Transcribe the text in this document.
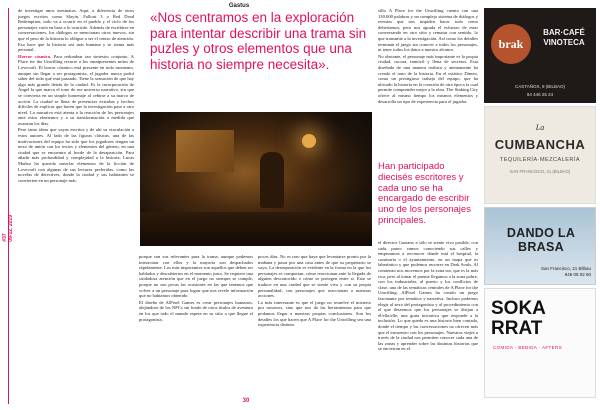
Gastus
#37 09-12, 2019

de investigar unos asesinatos. Aquí, a diferencia de otros juegos escritos como Slayin, Fallout 3 o Red Dead Redemption, todo va a ocurrir en el pueblo y el ciclo de los personajes varía en base a lo ocurrido. Además de escribirse en conversaciones, los diálogos se mencionan otros nuevos, sin que el peso de la historia lo obligue a ser el centro de atención. Eso hace que la historia sea más humana y se sienta más personal.

Horror cósmico. Para redondear tan siniestro conjunto, A Place for the Unwilling recurre a los omnipresentes mitos de Lovecraft. El horror cósmico está presente en todo momento, aunque sin llegar a ser protagonista, el jugador nunca podrá saber del todo qué está pasando. Tiene la sensación de que hay algo más grande detrás de la ciudad. Es la incorporación de Ángel la que marca el tono de ese universo narrativo, sin que se convierta en un simple homenaje al ceñirse a su marco de acción. La ciudad se llena de presencias extrañas y hechos difíciles de explicar que hacen que la investigación pase a otro nivel. La narrativa está atenta a la reacción de los personajes ante estos elementos y a su transformación a medida que avanzan los días.

Pese tanto ideas que vayas escritos y de ahí su vinculación a estos autores. Al lado de las figuras clásicas, una de las motivaciones del equipo ha sido que los jugadores tengan un nexo de unión con los textos y elementos del género, en una ciudad que se encuentra al borde de la desaparición. Para añadir más profundidad y complejidad a la historia, Lucas Muñoz ha querido mezclar elementos de la ficción de Lovecraft con algunas de sus lecturas preferidas, como las novelas de detectives, donde la ciudad y sus habitantes se convierten en un personaje más.

«Nos centramos en la exploración para intentar describir una trama sin puzles y otros elementos que una historia no siempre necesita».

porque son sus relevantes para la trama, aunque podemos interactuar con ellos y la mayoría son despachados rápidamente. Los más importantes son aquellos que deben ser hablados y descubiertos en el momento justo. Se requiere una cuidadosa atención que en el juego no siempre se cumple, porque no son pocas las ocasiones en las que tenemos que volver a un personaje para lograr que nos revele información que no habíamos obtenido.

El diseño de AlPixel Games es crear personajes humanos, alejándose de los NPCs sin fondo de otros títulos de aventura en los que todo el mundo espera en su sitio a que llegue el protagonista.

pocos días. No es raro que haya que levantarse pronto por la mañana y pasar por una casa antes de que su propietario se vaya. La desesperación es evidente en la forma en la que los personajes se comportan, cómo reaccionan ante la llegada de alguien desconocido o cómo se protegen entre sí. Esto se traduce en una ciudad que se siente viva y con su propia personalidad, con personajes que reaccionan a nuestras acciones.

Lo más interesante es que el juego no resuelve el misterio por nosotros, sino que nos da las herramientas para que podamos llegar a nuestras propias conclusiones. Son los detalles los que hacen que A Place for the Unwilling sea una experiencia distinta.

sillo A Place for the Unwilling cuenta con una 130.000 palabras y un complejo sistema de diálogos y eventos que nos impiden hacer todo como deberíamos, pero nos agrada el esfuerzo de estar conversando en otro sitio y rematar con sentido, lo que transmite a la investigación. Así como los detalles terminan el juego sin conocer a todos los personajes, ni tener todos los datos a nuestro alcance.

No obstante, el personaje más importante es la propia ciudad, oscura, inmóvil y llena de secretos. Esta diseñada de una manera realista y atentamente ha creado el tono de la historia. En el estático Dimeo, como un prestigioso trabajo del equipo, que ha ubicado la historia en la creación de otra época la cual permite comprender mejor a la obra. The Sinking City ofrece al mismo tiempo los mismos elementos y desarrolla un tipo de experiencia para el jugador.

Han participado diecisés escritores y cada uno se ha encargado de escribir uno de los personajes principales.

el director Gaziano a sólo se siente vivo posible, con cada paseo vamos conociendo sus calles y empezamos a reconocer dónde está el hospital, la comisaría o el ayuntamiento, en un mapa que es laberíntico y que podemos recorrer en Dark Souls. Al comienzo nos movemos por la zona sur, que es la más rica, pero al tomar el puente llegamos a la zona pobre, con los industriales, al puerto y los conflictos de clase, una de las temáticas centrales de A Place for the Unwilling. AlPixel Games ha creado un juego fascinante por temática y narrativa. Incluso podemos elegir al sexo del protagonista y al procedimiento con el que deseemos que los personajes se dirijan a él/ella/elle, una grata iniciativa que responde a la inclusión. Lo que queda es una historia bien contada, donde el tiempo y las conversaciones no ofrecen más que el encuentro con los personajes. Nuestros viajes a través de la ciudad nos permiten conocer cada una de las zonas y aprender sobre las distintas historias que se encierran en el.

brak
BAR·CAFÉ
VINOTECA
CASTAÑOS, 9 (BILBAO)
94 446 25 24
La
CUMBANCHA
TEQUILERÍA·MEZCALERÍA
SAN FRANCISCO, 21 (BILBAO)
DANDO LA BRASA
San Francisco, 21 Bilbao
946 08 02 60
SOKA
RRAT
COMIDA · BEBIDA · AFTERS
30
